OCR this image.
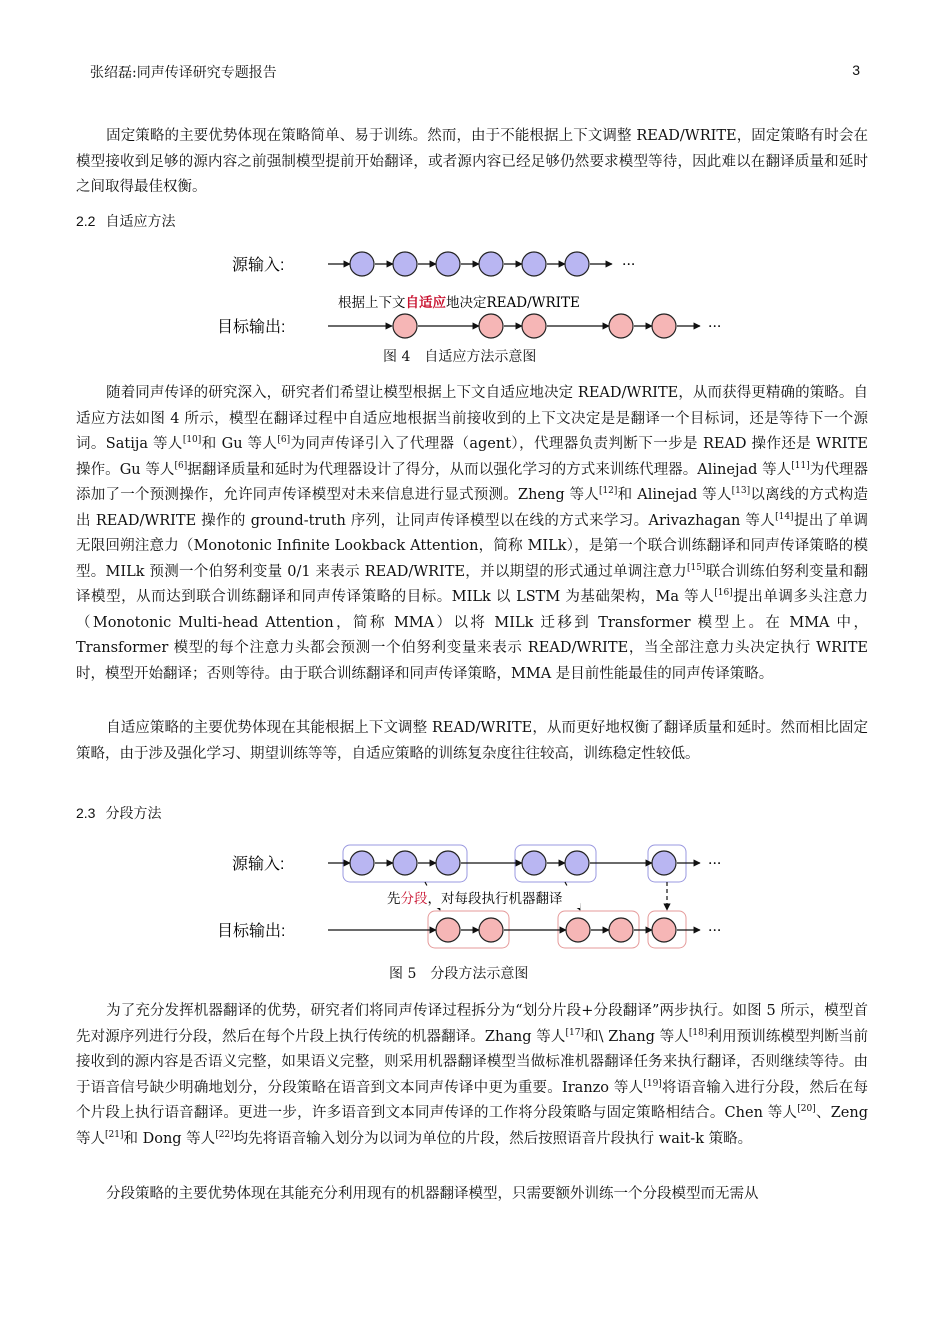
张绍磊:同声传译研究专题报告	3

固定策略的主要优势体现在策略简单、易于训练。然而，由于不能根据上下文调整 READ/WRITE，固定策略有时会在模型接收到足够的源内容之前强制模型提前开始翻译，或者源内容已经足够仍然要求模型等待，因此难以在翻译质量和延时之间取得最佳权衡。

2.2 自适应方法
源输入:	···
根据上下文自适应地决定READ/WRITE
目标输出:	···
图 4 自适应方法示意图

随着同声传译的研究深入，研究者们希望让模型根据上下文自适应地决定 READ/WRITE，从而获得更精确的策略。自适应方法如图 4 所示，模型在翻译过程中自适应地根据当前接收到的上下文决定是是翻译一个目标词，还是等待下一个源词。Satija 等人[10]和 Gu 等人[6]为同声传译引入了代理器（agent），代理器负责判断下一步是 READ 操作还是 WRITE 操作。Gu 等人[6]据翻译质量和延时为代理器设计了得分，从而以强化学习的方式来训练代理器。Alinejad 等人[11]为代理器添加了一个预测操作，允许同声传译模型对未来信息进行显式预测。Zheng 等人[12]和 Alinejad 等人[13]以离线的方式构造出 READ/WRITE 操作的 ground-truth 序列，让同声传译模型以在线的方式来学习。Arivazhagan 等人[14]提出了单调无限回朔注意力（Monotonic Infinite Lookback Attention，简称 MILk），是第一个联合训练翻译和同声传译策略的模型。MILk 预测一个伯努利变量 0/1 来表示 READ/WRITE，并以期望的形式通过单调注意力[15]联合训练伯努利变量和翻译模型，从而达到联合训练翻译和同声传译策略的目标。MILk 以 LSTM 为基础架构，Ma 等人[16]提出单调多头注意力（Monotonic Multi-head Attention，简称 MMA）以将 MILk 迁移到 Transformer 模型上。在 MMA 中，Transformer 模型的每个注意力头都会预测一个伯努利变量来表示 READ/WRITE，当全部注意力头决定执行 WRITE 时，模型开始翻译；否则等待。由于联合训练翻译和同声传译策略，MMA 是目前性能最佳的同声传译策略。

自适应策略的主要优势体现在其能根据上下文调整 READ/WRITE，从而更好地权衡了翻译质量和延时。然而相比固定策略，由于涉及强化学习、期望训练等等，自适应策略的训练复杂度往往较高，训练稳定性较低。

2.3 分段方法
源输入:	···
先分段，对每段执行机器翻译
目标输出:	···
图 5 分段方法示意图

为了充分发挥机器翻译的优势，研究者们将同声传译过程拆分为“划分片段+分段翻译”两步执行。如图 5 所示，模型首先对源序列进行分段，然后在每个片段上执行传统的机器翻译。Zhang 等人[17]和\ Zhang 等人[18]利用预训练模型判断当前接收到的源内容是否语义完整，如果语义完整，则采用机器翻译模型当做标准机器翻译任务来执行翻译，否则继续等待。由于语音信号缺少明确地划分，分段策略在语音到文本同声传译中更为重要。Iranzo 等人[19]将语音输入进行分段，然后在每个片段上执行语音翻译。更进一步，许多语音到文本同声传译的工作将分段策略与固定策略相结合。Chen 等人[20]、Zeng 等人[21]和 Dong 等人[22]均先将语音输入划分为以词为单位的片段，然后按照语音片段执行 wait-k 策略。

分段策略的主要优势体现在其能充分利用现有的机器翻译模型，只需要额外训练一个分段模型而无需从
